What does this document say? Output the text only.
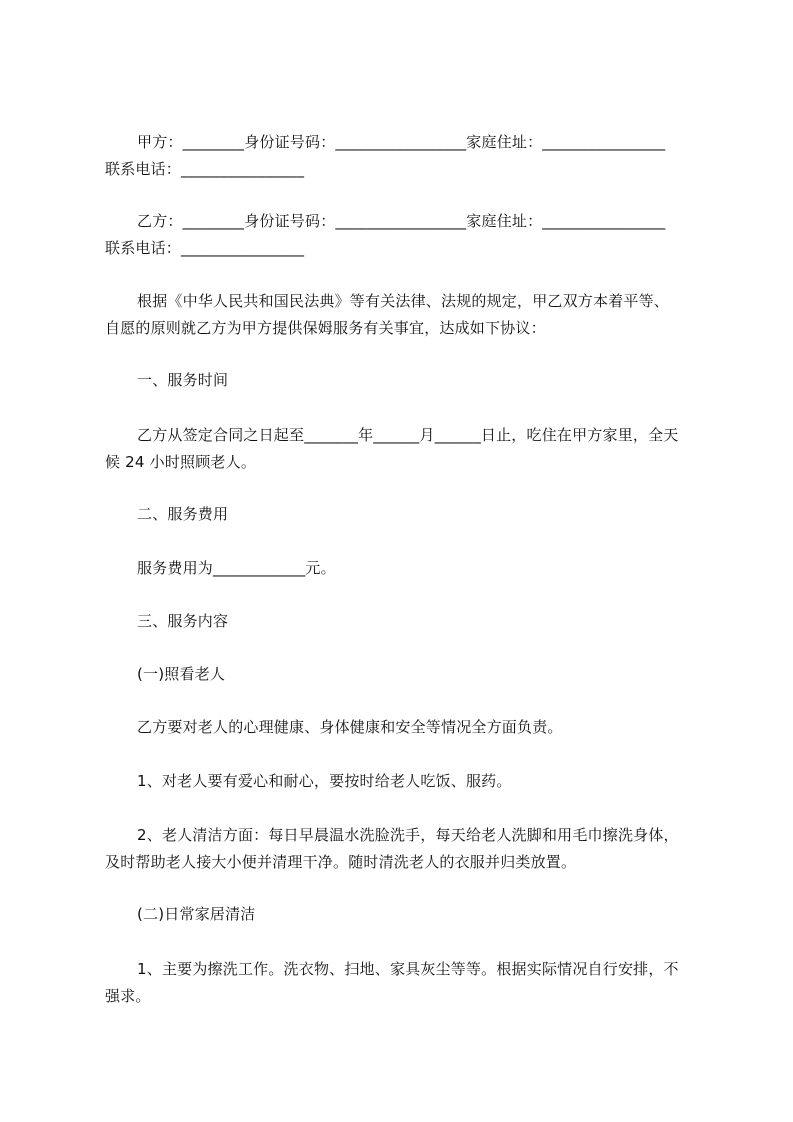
甲方：________身份证号码：_________________家庭住址：________________
联系电话：________________
乙方：________身份证号码：_________________家庭住址：________________
联系电话：________________
根据《中华人民共和国民法典》等有关法律、法规的规定，甲乙双方本着平等、
自愿的原则就乙方为甲方提供保姆服务有关事宜，达成如下协议：
一、服务时间
乙方从签定合同之日起至_______年______月______日止，吃住在甲方家里，全天
候 24 小时照顾老人。
二、服务费用
服务费用为____________元。
三、服务内容
(一)照看老人
乙方要对老人的心理健康、身体健康和安全等情况全方面负责。
1、对老人要有爱心和耐心，要按时给老人吃饭、服药。
2、老人清洁方面：每日早晨温水洗脸洗手，每天给老人洗脚和用毛巾擦洗身体，
及时帮助老人接大小便并清理干净。随时清洗老人的衣服并归类放置。
(二)日常家居清洁
1、主要为擦洗工作。洗衣物、扫地、家具灰尘等等。根据实际情况自行安排，不
强求。
